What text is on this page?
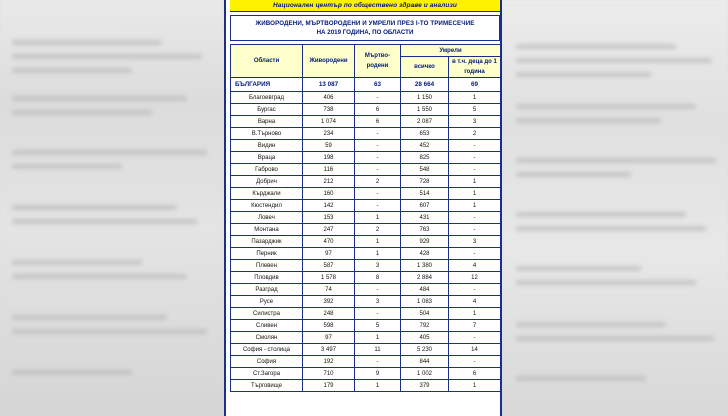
Национален център по обществено здраве и анализи
ЖИВОРОДЕНИ, МЪРТВОРОДЕНИ И УМРЕЛИ ПРЕЗ I-ТО ТРИМЕСЕЧИЕ
НА 2019 ГОДИНА, ПО ОБЛАСТИ
Области	Живородени	Мъртво- родени	Умрели	
			всичко	в т.ч. деца до 1 година
БЪЛГАРИЯ	13 087	63	28 664	69
Благоевград	406	-	1 150	1
Бургас	738	6	1 550	5
Варна	1 074	6	2 087	3
В.Търново	234	-	653	2
Видин	59	-	452	-
Враца	198	-	825	-
Габрово	116	-	548	-
Добрич	212	2	728	1
Кърджали	160	-	514	1
Кюстендил	142	-	607	1
Ловеч	153	1	431	-
Монтана	247	2	763	-
Пазарджик	470	1	929	3
Перник	97	1	428	-
Плевен	587	3	1 380	4
Пловдив	1 578	8	2 884	12
Разград	74	-	484	-
Русе	392	3	1 083	4
Силистра	248	-	504	1
Сливен	598	5	792	7
Смолян	97	1	405	-
София - столица	3 497	11	5 230	14
София	192	-	844	-
Ст.Загора	710	9	1 002	6
Търговище	179	1	379	1
